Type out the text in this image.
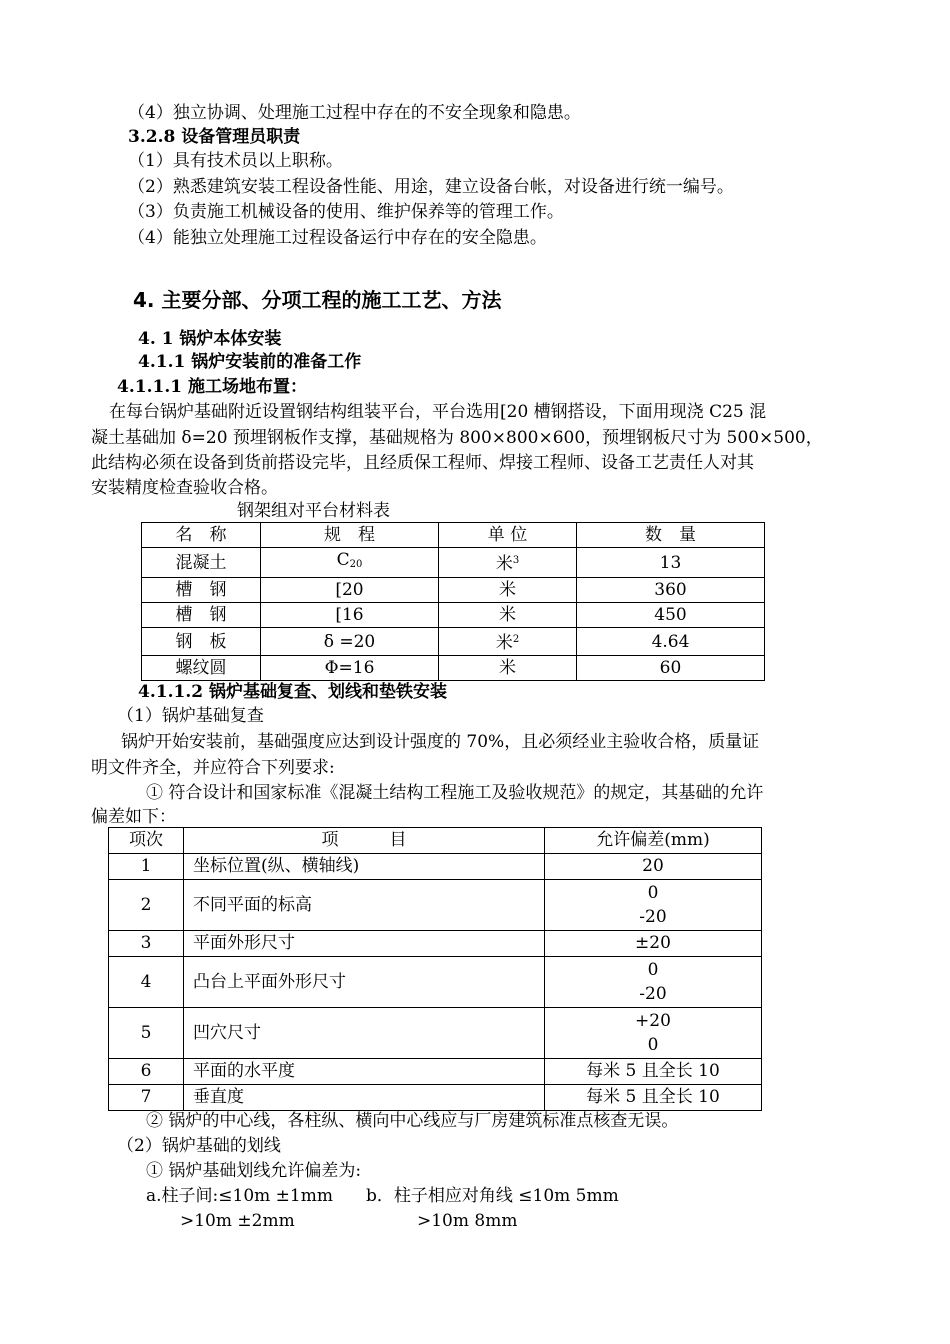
（4）独立协调、处理施工过程中存在的不安全现象和隐患。
3.2.8 设备管理员职责
（1）具有技术员以上职称。
（2）熟悉建筑安装工程设备性能、用途，建立设备台帐，对设备进行统一编号。
（3）负责施工机械设备的使用、维护保养等的管理工作。
（4）能独立处理施工过程设备运行中存在的安全隐患。
4. 主要分部、分项工程的施工工艺、方法
4. 1 锅炉本体安装
4.1.1 锅炉安装前的准备工作
4.1.1.1 施工场地布置：
在每台锅炉基础附近设置钢结构组装平台，平台选用[20 槽钢搭设，下面用现浇 C25 混
凝土基础加 δ=20 预埋钢板作支撑，基础规格为 800×800×600，预埋钢板尺寸为 500×500，
此结构必须在设备到货前搭设完毕，且经质保工程师、焊接工程师、设备工艺责任人对其
安装精度检查验收合格。
钢架组对平台材料表
名　称	规　程	单 位	数　量
混凝土	$C_{20}$	米$^3$	13
槽　钢	[20	米	360
槽　钢	[16	米	450
钢　板	δ =20	米$^2$	4.64
螺纹圆	Φ=16	米	60
4.1.1.2 锅炉基础复查、划线和垫铁安装
（1）锅炉基础复查
锅炉开始安装前，基础强度应达到设计强度的 70%，且必须经业主验收合格，质量证
明文件齐全，并应符合下列要求:
① 符合设计和国家标准《混凝土结构工程施工及验收规范》的规定，其基础的允许
偏差如下：
项次	项　　　目	允许偏差(mm)
1	坐标位置(纵、横轴线)	20
2	不同平面的标高	0
-20

3	平面外形尺寸	±20
4	凸台上平面外形尺寸	0
-20

5	凹穴尺寸	+20
0

6	平面的水平度	每米 5 且全长 10
7	垂直度	每米 5 且全长 10
② 锅炉的中心线，各柱纵、横向中心线应与厂房建筑标准点核查无误。
（2）锅炉基础的划线
① 锅炉基础划线允许偏差为:
a.柱子间:≤10m ±1mm b．柱子相应对角线 ≤10m 5mm
>10m ±2mm	>10m 8mm
